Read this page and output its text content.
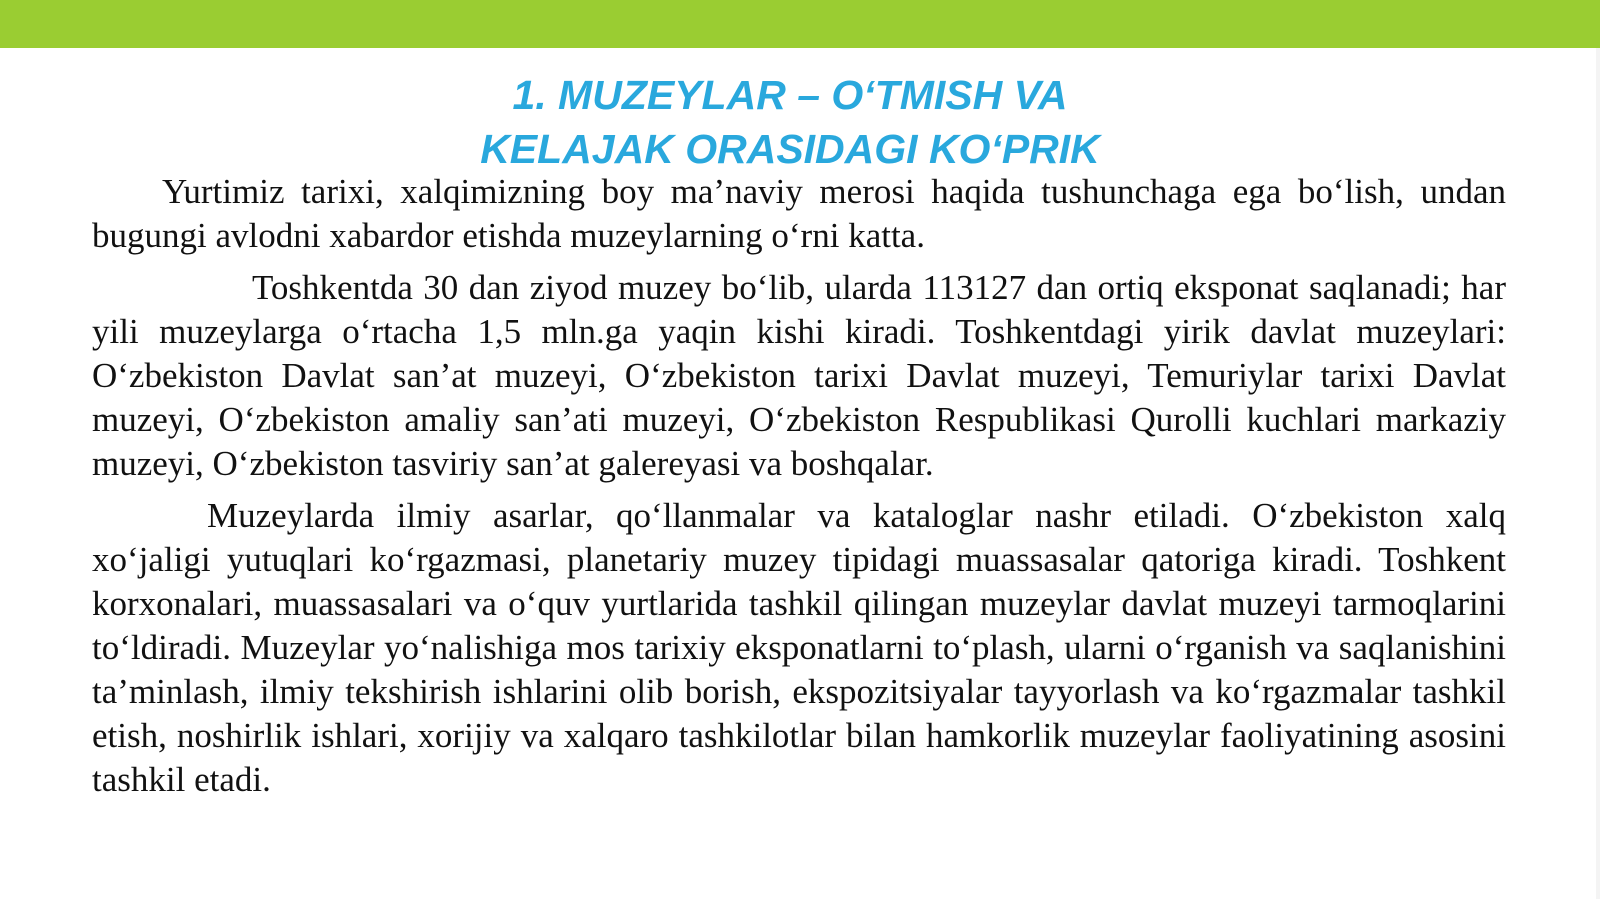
1. MUZEYLAR – O‘TMISH VA
KELAJAK ORASIDAGI KO‘PRIK

Yurtimiz tarixi, xalqimizning boy ma’naviy merosi haqida tushunchaga ega bo‘lish, undan bugungi avlodni xabardor etishda muzeylarning o‘rni katta.

Toshkentda 30 dan ziyod muzey bo‘lib, ularda 113127 dan ortiq eksponat saqlanadi; har yili muzeylarga o‘rtacha 1,5 mln.ga yaqin kishi kiradi. Toshkentdagi yirik davlat muzeylari: O‘zbekiston Davlat san’at muzeyi, O‘zbekiston tarixi Davlat muzeyi, Temuriylar tarixi Davlat muzeyi, O‘zbekiston amaliy san’ati muzeyi, O‘zbekiston Respublikasi Qurolli kuchlari markaziy muzeyi, O‘zbekiston tasviriy san’at galereyasi va boshqalar.

Muzeylarda ilmiy asarlar, qo‘llanmalar va kataloglar nashr etiladi. O‘zbekiston xalq xo‘jaligi yutuqlari ko‘rgazmasi, planetariy muzey tipidagi muassasalar qatoriga kiradi. Toshkent korxonalari, muassasalari va o‘quv yurtlarida tashkil qilingan muzeylar davlat muzeyi tarmoqlarini to‘ldiradi. Muzeylar yo‘nalishiga mos tarixiy eksponatlarni to‘plash, ularni o‘rganish va saqlanishini ta’minlash, ilmiy tekshirish ishlarini olib borish, ekspozitsiyalar tayyorlash va ko‘rgazmalar tashkil etish, noshirlik ishlari, xorijiy va xalqaro tashkilotlar bilan hamkorlik muzeylar faoliyatining asosini tashkil etadi.
